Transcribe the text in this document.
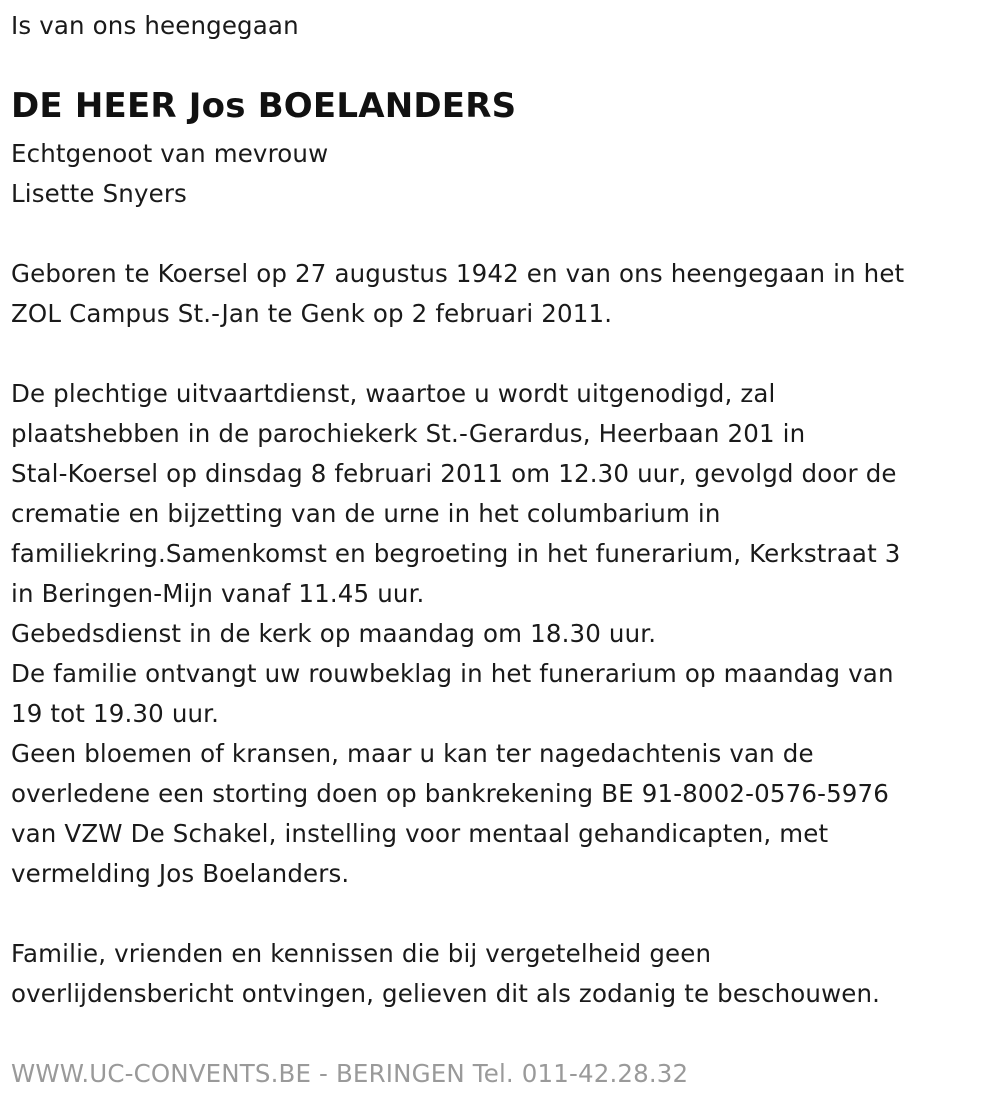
Is van ons heengegaan
DE HEER Jos BOELANDERS
Echtgenoot van mevrouw
Lisette Snyers
Geboren te Koersel op 27 augustus 1942 en van ons heengegaan in het
ZOL Campus St.-Jan te Genk op 2 februari 2011.
De plechtige uitvaartdienst, waartoe u wordt uitgenodigd, zal
plaatshebben in de parochiekerk St.-Gerardus, Heerbaan 201 in
Stal-Koersel op dinsdag 8 februari 2011 om 12.30 uur, gevolgd door de
crematie en bijzetting van de urne in het columbarium in
familiekring.Samenkomst en begroeting in het funerarium, Kerkstraat 3
in Beringen-Mijn vanaf 11.45 uur.
Gebedsdienst in de kerk op maandag om 18.30 uur.
De familie ontvangt uw rouwbeklag in het funerarium op maandag van
19 tot 19.30 uur.
Geen bloemen of kransen, maar u kan ter nagedachtenis van de
overledene een storting doen op bankrekening BE 91-8002-0576-5976
van VZW De Schakel, instelling voor mentaal gehandicapten, met
vermelding Jos Boelanders.
Familie, vrienden en kennissen die bij vergetelheid geen
overlijdensbericht ontvingen, gelieven dit als zodanig te beschouwen.
WWW.UC-CONVENTS.BE - BERINGEN Tel. 011-42.28.32
